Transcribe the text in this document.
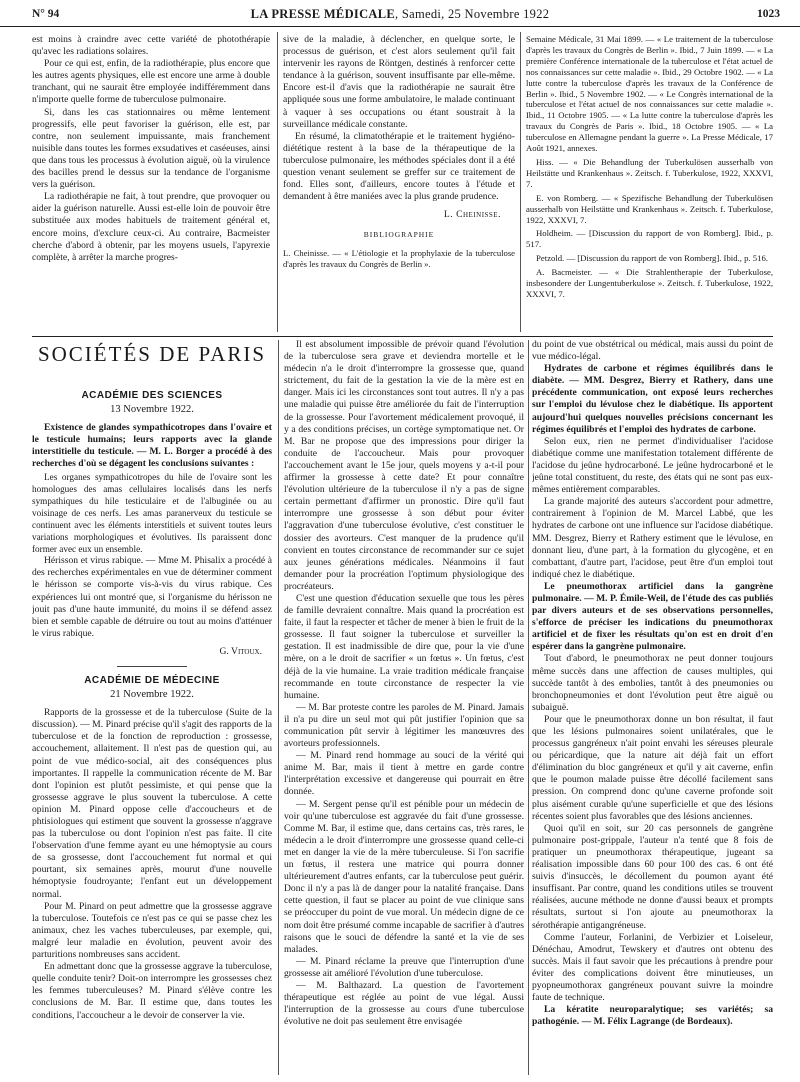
N° 94	LA PRESSE MÉDICALE, Samedi, 25 Novembre 1922	1023

est moins à craindre avec cette variété de photothérapie qu'avec les radiations solaires.

Pour ce qui est, enfin, de la radiothérapie, plus encore que les autres agents physiques, elle est encore une arme à double tranchant, qui ne saurait être employée indifféremment dans n'importe quelle forme de tuberculose pulmonaire.

Si, dans les cas stationnaires ou même lentement progressifs, elle peut favoriser la guérison, elle est, par contre, non seulement impuissante, mais franchement nuisible dans toutes les formes exsudatives et caséeuses, ainsi que dans tous les processus à évolution aiguë, où la virulence des bacilles prend le dessus sur la tendance de l'organisme vers la guérison.

La radiothérapie ne fait, à tout prendre, que provoquer ou aider la guérison naturelle. Aussi est-elle loin de pouvoir être substituée aux modes habituels de traitement général et, encore moins, d'exclure ceux-ci. Au contraire, Bacmeister cherche d'abord à obtenir, par les moyens usuels, l'apyrexie complète, à arrêter la marche progres-

sive de la maladie, à déclencher, en quelque sorte, le processus de guérison, et c'est alors seulement qu'il fait intervenir les rayons de Röntgen, destinés à renforcer cette tendance à la guérison, souvent insuffisante par elle-même. Encore est-il d'avis que la radiothérapie ne saurait être appliquée sous une forme ambulatoire, le malade continuant à vaquer à ses occupations ou étant soustrait à la surveillance médicale constante.

En résumé, la climatothérapie et le traitement hygiéno-diététique restent à la base de la thérapeutique de la tuberculose pulmonaire, les méthodes spéciales dont il a été question venant seulement se greffer sur ce traitement de fond. Elles sont, d'ailleurs, encore toutes à l'étude et demandent à être maniées avec la plus grande prudence.

L. Cheinisse.
BIBLIOGRAPHIE
L. Cheinisse. — « L'étiologie et la prophylaxie de la tuberculose d'après les travaux du Congrès de Berlin ».

Semaine Médicale, 31 Mai 1899. — « Le traitement de la tuberculose d'après les travaux du Congrès de Berlin ». Ibid., 7 Juin 1899. — « La première Conférence internationale de la tuberculose et l'état actuel de nos connaissances sur cette maladie ». Ibid., 29 Octobre 1902. — « La lutte contre la tuberculose d'après les travaux de la Conférence de Berlin ». Ibid., 5 Novembre 1902. — « Le Congrès international de la tuberculose et l'état actuel de nos connaissances sur cette maladie ». Ibid., 11 Octobre 1905. — « La lutte contre la tuberculose d'après les travaux du Congrès de Paris ». Ibid., 18 Octobre 1905. — « La tuberculose en Allemagne pendant la guerre ». La Presse Médicale, 17 Août 1921, annexes.

Hiss. — « Die Behandlung der Tuberkulösen ausserhalb von Heilstätte und Krankenhaus ». Zeitsch. f. Tuberkulose, 1922, XXXVI, 7.

E. von Romberg. — « Spezifische Behandlung der Tuberkulösen ausserhalb von Heilstätte und Krankenhaus ». Zeitsch. f. Tuberkulose, 1922, XXXVI, 7.

Holdheim. — [Discussion du rapport de von Romberg]. Ibid., p. 517.

Petzold. — [Discussion du rapport de von Romberg]. Ibid., p. 516.

A. Bacmeister. — « Die Strahlentherapie der Tuberkulose, insbesondere der Lungentuberkulose ». Zeitsch. f. Tuberkulose, 1922, XXXVI, 7.

SOCIÉTÉS DE PARIS
ACADÉMIE DES SCIENCES
13 Novembre 1922.

Existence de glandes sympathicotropes dans l'ovaire et le testicule humains; leurs rapports avec la glande interstitielle du testicule. — M. L. Borger a procédé à des recherches d'où se dégagent les conclusions suivantes :

Les organes sympathicotropes du hile de l'ovaire sont les homologues des amas cellulaires localisés dans les nerfs sympathiques du hile testiculaire et de l'albuginée ou au voisinage de ces nerfs. Les amas paranerveux du testicule se continuent avec les éléments interstitiels et suivent toutes leurs variations morphologiques et évolutives. Ils paraissent donc former avec eux un ensemble.

Hérisson et virus rabique. — Mme M. Phisalix a procédé à des recherches expérimentales en vue de déterminer comment le hérisson se comporte vis-à-vis du virus rabique. Ces expériences lui ont montré que, si l'organisme du hérisson ne jouit pas d'une haute immunité, du moins il se défend assez bien et semble capable de détruire ou tout au moins d'atténuer le virus rabique.

G. Vitoux.
ACADÉMIE DE MÉDECINE
21 Novembre 1922.

Rapports de la grossesse et de la tuberculose (Suite de la discussion). — M. Pinard précise qu'il s'agit des rapports de la tuberculose et de la fonction de reproduction : grossesse, accouchement, allaitement. Il n'est pas de question qui, au point de vue médico-social, ait des conséquences plus importantes. Il rappelle la communication récente de M. Bar dont l'opinion est plutôt pessimiste, et qui pense que la grossesse aggrave le plus souvent la tuberculose. A cette opinion M. Pinard oppose celle d'accoucheurs et de phtisiologues qui estiment que souvent la grossesse n'aggrave pas la tuberculose ou dont l'opinion n'est pas faite. Il cite l'observation d'une femme ayant eu une hémoptysie au cours de sa grossesse, dont l'accouchement fut normal et qui pourtant, six semaines après, mourut d'une nouvelle hémoptysie foudroyante; l'enfant eut un développement normal.

Pour M. Pinard on peut admettre que la grossesse aggrave la tuberculose. Toutefois ce n'est pas ce qui se passe chez les animaux, chez les vaches tuberculeuses, par exemple, qui, malgré leur maladie en évolution, peuvent avoir des parturitions nombreuses sans accident.

En admettant donc que la grossesse aggrave la tuberculose, quelle conduite tenir? Doit-on interrompre les grossesses chez les femmes tuberculeuses? M. Pinard s'élève contre les conclusions de M. Bar. Il estime que, dans toutes les conditions, l'accoucheur a le devoir de conserver la vie.

Il est absolument impossible de prévoir quand l'évolution de la tuberculose sera grave et deviendra mortelle et le médecin n'a le droit d'interrompre la grossesse que, quand strictement, du fait de la gestation la vie de la mère est en danger. Mais ici les circonstances sont tout autres. Il n'y a pas une maladie qui puisse être améliorée du fait de l'interruption de la grossesse. Pour l'avortement médicalement provoqué, il y a des conditions précises, un cortège symptomatique net. Or M. Bar ne propose que des impressions pour diriger la conduite de l'accoucheur. Mais pour provoquer l'accouchement avant le 15e jour, quels moyens y a-t-il pour affirmer la grossesse à cette date? Et pour connaître l'évolution ultérieure de la tuberculose il n'y a pas de signe certain permettant d'affirmer un pronostic. Dire qu'il faut interrompre une grossesse à son début pour éviter l'aggravation d'une tuberculose évolutive, c'est constituer le dossier des avorteurs. C'est manquer de la prudence qu'il convient en toutes circonstance de recommander sur ce sujet aux jeunes générations médicales. Néanmoins il faut demander pour la procréation l'optimum physiologique des procréateurs.

C'est une question d'éducation sexuelle que tous les pères de famille devraient connaître. Mais quand la procréation est faite, il faut la respecter et tâcher de mener à bien le fruit de la grossesse. Il faut soigner la tuberculose et surveiller la gestation. Il est inadmissible de dire que, pour la vie d'une mère, on a le droit de sacrifier « un fœtus ». Un fœtus, c'est déjà de la vie humaine. La vraie tradition médicale française recommande en toute circonstance de respecter la vie humaine.

— M. Bar proteste contre les paroles de M. Pinard. Jamais il n'a pu dire un seul mot qui pût justifier l'opinion que sa communication pût servir à légitimer les manœuvres des avorteurs professionnels.

— M. Pinard rend hommage au souci de la vérité qui anime M. Bar, mais il tient à mettre en garde contre l'interprétation excessive et dangereuse qui pourrait en être donnée.

— M. Sergent pense qu'il est pénible pour un médecin de voir qu'une tuberculose est aggravée du fait d'une grossesse. Comme M. Bar, il estime que, dans certains cas, très rares, le médecin a le droit d'interrompre une grossesse quand celle-ci met en danger la vie de la mère tuberculeuse. Si l'on sacrifie un fœtus, il restera une matrice qui pourra donner ultérieurement d'autres enfants, car la tuberculose peut guérir. Donc il n'y a pas là de danger pour la natalité française. Dans cette question, il faut se placer au point de vue clinique sans se préoccuper du point de vue moral. Un médecin digne de ce nom doit être présumé comme incapable de sacrifier à d'autres raisons que le souci de défendre la santé et la vie de ses malades.

— M. Pinard réclame la preuve que l'interruption d'une grossesse ait amélioré l'évolution d'une tuberculose.

— M. Balthazard. La question de l'avortement thérapeutique est réglée au point de vue légal. Aussi l'interruption de la grossesse au cours d'une tuberculose évolutive ne doit pas seulement être envisagée

du point de vue obstétrical ou médical, mais aussi du point de vue médico-légal.

Hydrates de carbone et régimes équilibrés dans le diabète. — MM. Desgrez, Bierry et Rathery, dans une précédente communication, ont exposé leurs recherches sur l'emploi du lévulose chez le diabétique. Ils apportent aujourd'hui quelques nouvelles précisions concernant les régimes équilibrés et l'emploi des hydrates de carbone.

Selon eux, rien ne permet d'individualiser l'acidose diabétique comme une manifestation totalement différente de l'acidose du jeûne hydrocarboné. Le jeûne hydrocarboné et le jeûne total constituent, du reste, des états qui ne sont pas eux-mêmes entièrement comparables.

La grande majorité des auteurs s'accordent pour admettre, contrairement à l'opinion de M. Marcel Labbé, que les hydrates de carbone ont une influence sur l'acidose diabétique. MM. Desgrez, Bierry et Rathery estiment que le lévulose, en donnant lieu, d'une part, à la formation du glycogène, et en combattant, d'autre part, l'acidose, peut être d'un emploi tout indiqué chez le diabétique.

Le pneumothorax artificiel dans la gangrène pulmonaire. — M. P. Émile-Weil, de l'étude des cas publiés par divers auteurs et de ses observations personnelles, s'efforce de préciser les indications du pneumothorax artificiel et de fixer les résultats qu'on est en droit d'en espérer dans la gangrène pulmonaire.

Tout d'abord, le pneumothorax ne peut donner toujours même succès dans une affection de causes multiples, qui succède tantôt à des embolies, tantôt à des pneumonies ou bronchopneumonies et dont l'évolution peut être aiguë ou subaiguë.

Pour que le pneumothorax donne un bon résultat, il faut que les lésions pulmonaires soient unilatérales, que le processus gangréneux n'ait point envahi les séreuses pleurale ou péricardique, que la nature ait déjà fait un effort d'élimination du bloc gangréneux et qu'il y ait caverne, enfin que le poumon malade puisse être décollé facilement sans pression. On comprend donc qu'une caverne profonde soit plus aisément curable qu'une superficielle et que des lésions récentes soient plus favorables que des lésions anciennes.

Quoi qu'il en soit, sur 20 cas personnels de gangrène pulmonaire post-grippale, l'auteur n'a tenté que 8 fois de pratiquer un pneumothorax thérapeutique, jugeant sa réalisation impossible dans 60 pour 100 des cas. 6 ont été suivis d'insuccès, le décollement du poumon ayant été insuffisant. Par contre, quand les conditions utiles se trouvent réalisées, aucune méthode ne donne d'aussi beaux et prompts résultats, surtout si l'on ajoute au pneumothorax la sérothérapie antigangréneuse.

Comme l'auteur, Forlanini, de Verbizier et Loiseleur, Dénéchau, Amodrut, Tewskery et d'autres ont obtenu des succès. Mais il faut savoir que les précautions à prendre pour éviter des complications doivent être minutieuses, un pyopneumothorax gangréneux pouvant suivre la moindre faute de technique.

La kératite neuroparalytique; ses variétés; sa pathogénie. — M. Félix Lagrange (de Bordeaux).
